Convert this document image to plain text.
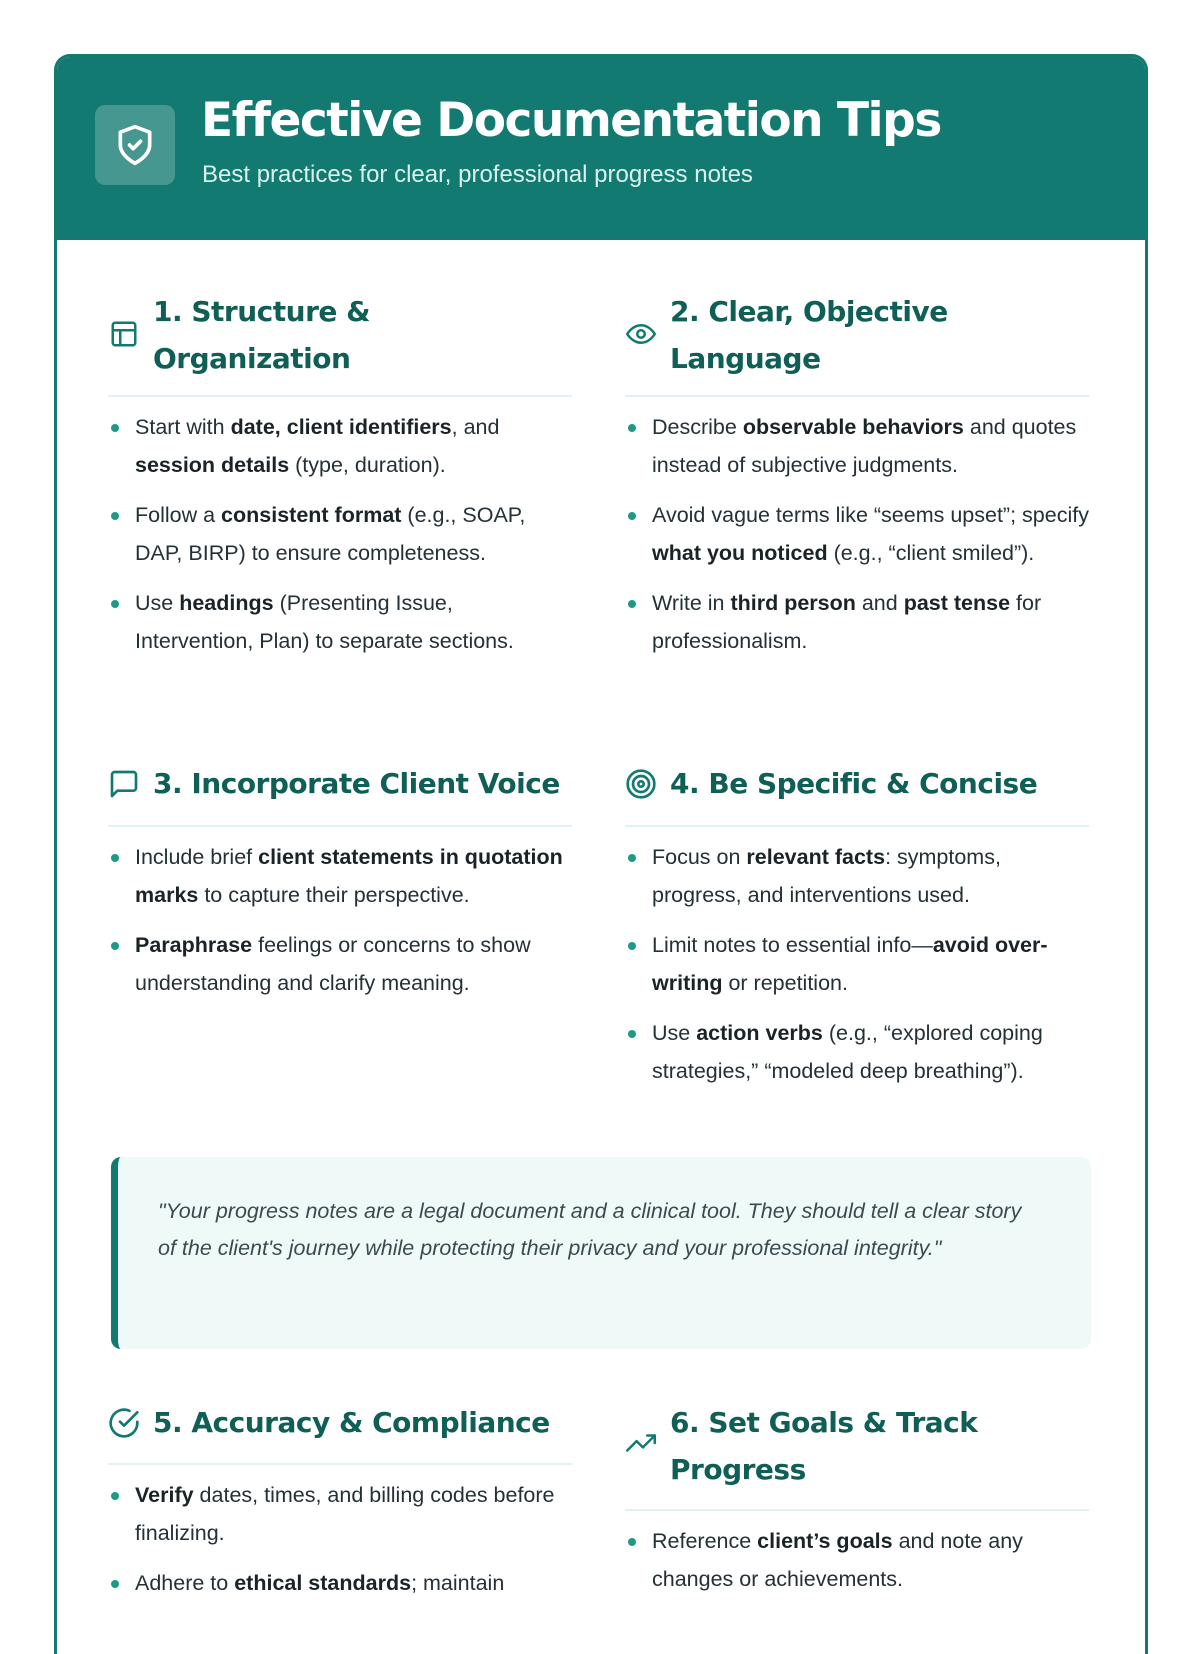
Effective Documentation Tips

Best practices for clear, professional progress notes

1. Structure &
Organization
Start with date, client identifiers, and session details (type, duration).
Follow a consistent format (e.g., SOAP, DAP, BIRP) to ensure completeness.
Use headings (Presenting Issue, Intervention, Plan) to separate sections.
2. Clear, Objective
Language
Describe observable behaviors and quotes instead of subjective judgments.
Avoid vague terms like “seems upset”; specify what you noticed (e.g., “client smiled”).
Write in third person and past tense for professionalism.
3. Incorporate Client Voice
Include brief client statements in quotation marks to capture their perspective.
Paraphrase feelings or concerns to show understanding and clarify meaning.
4. Be Specific & Concise
Focus on relevant facts: symptoms, progress, and interventions used.
Limit notes to essential info—avoid over-writing or repetition.
Use action verbs (e.g., “explored coping strategies,” “modeled deep breathing”).

"Your progress notes are a legal document and a clinical tool. They should tell a clear story of the client's journey while protecting their privacy and your professional integrity."

5. Accuracy & Compliance
Verify dates, times, and billing codes before finalizing.
Adhere to ethical standards; maintain
6. Set Goals & Track
Progress
Reference client’s goals and note any changes or achievements.
